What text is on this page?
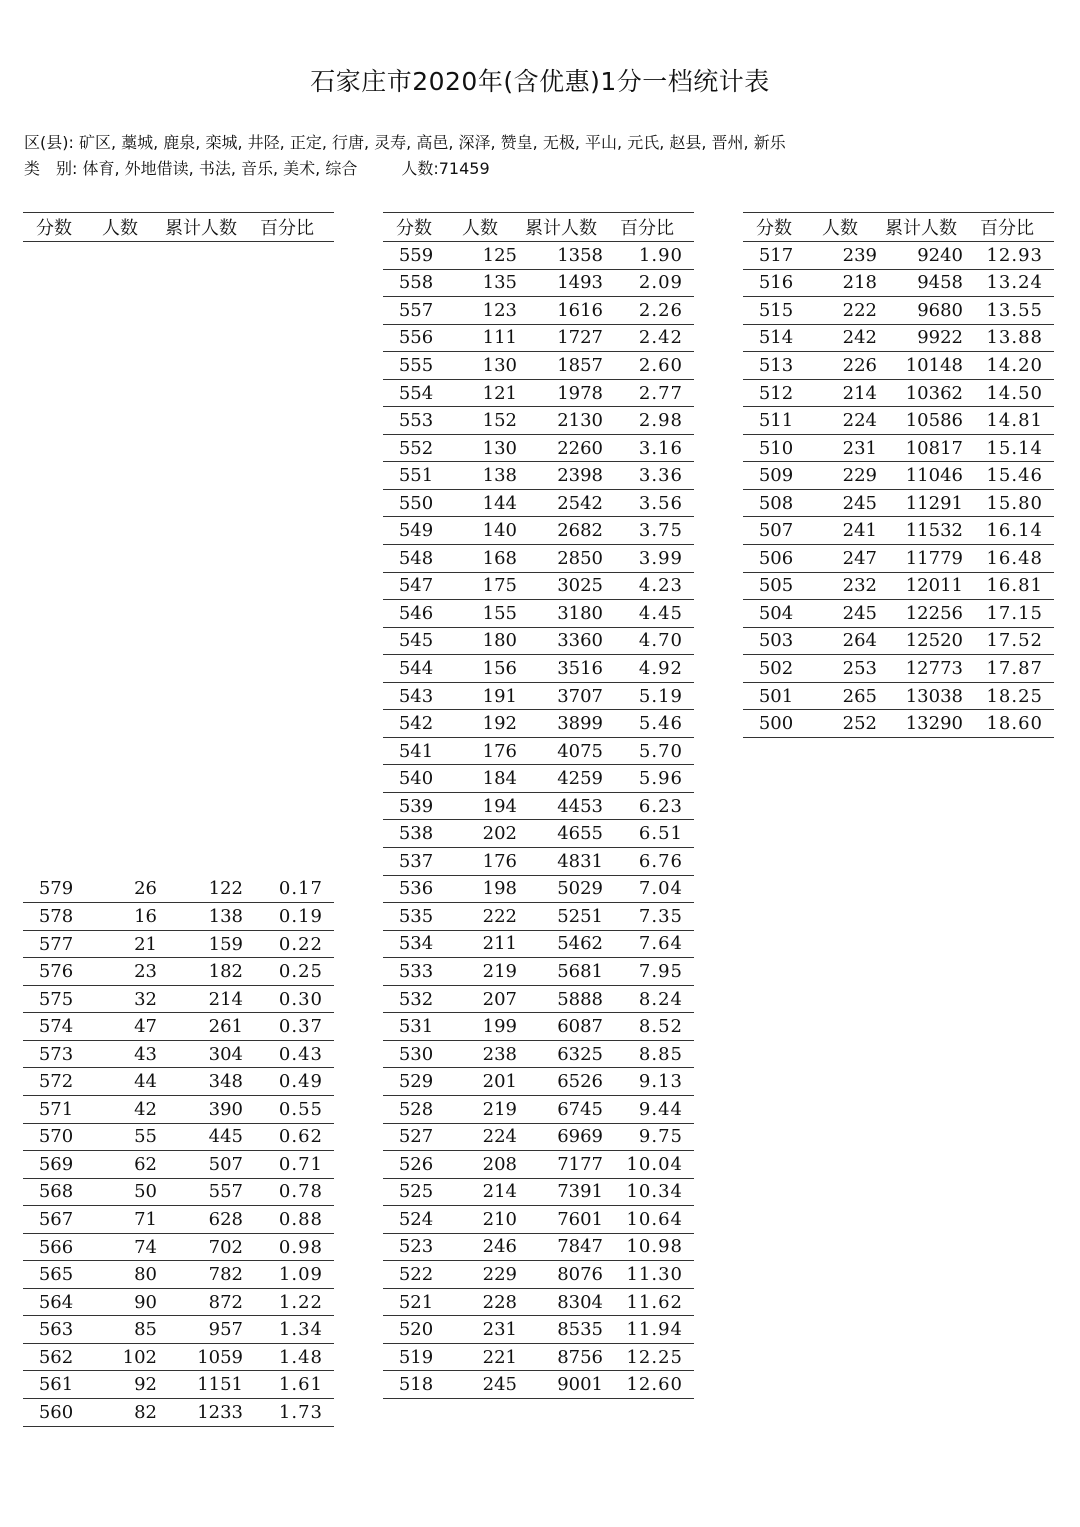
石家庄市2020年(含优惠)1分一档统计表
区(县): 矿区, 藁城, 鹿泉, 栾城, 井陉, 正定, 行唐, 灵寿, 高邑, 深泽, 赞皇, 无极, 平山, 元氏, 赵县, 晋州, 新乐
类　别: 体育, 外地借读, 书法, 音乐, 美术, 综合	人数:71459
分数	人数	累计人数	百分比
579	26	122	0.17
578	16	138	0.19
577	21	159	0.22
576	23	182	0.25
575	32	214	0.30
574	47	261	0.37
573	43	304	0.43
572	44	348	0.49
571	42	390	0.55
570	55	445	0.62
569	62	507	0.71
568	50	557	0.78
567	71	628	0.88
566	74	702	0.98
565	80	782	1.09
564	90	872	1.22
563	85	957	1.34
562	102	1059	1.48
561	92	1151	1.61
560	82	1233	1.73
分数	人数	累计人数	百分比
559	125	1358	1.90
558	135	1493	2.09
557	123	1616	2.26
556	111	1727	2.42
555	130	1857	2.60
554	121	1978	2.77
553	152	2130	2.98
552	130	2260	3.16
551	138	2398	3.36
550	144	2542	3.56
549	140	2682	3.75
548	168	2850	3.99
547	175	3025	4.23
546	155	3180	4.45
545	180	3360	4.70
544	156	3516	4.92
543	191	3707	5.19
542	192	3899	5.46
541	176	4075	5.70
540	184	4259	5.96
539	194	4453	6.23
538	202	4655	6.51
537	176	4831	6.76
536	198	5029	7.04
535	222	5251	7.35
534	211	5462	7.64
533	219	5681	7.95
532	207	5888	8.24
531	199	6087	8.52
530	238	6325	8.85
529	201	6526	9.13
528	219	6745	9.44
527	224	6969	9.75
526	208	7177	10.04
525	214	7391	10.34
524	210	7601	10.64
523	246	7847	10.98
522	229	8076	11.30
521	228	8304	11.62
520	231	8535	11.94
519	221	8756	12.25
518	245	9001	12.60
分数	人数	累计人数	百分比
517	239	9240	12.93
516	218	9458	13.24
515	222	9680	13.55
514	242	9922	13.88
513	226	10148	14.20
512	214	10362	14.50
511	224	10586	14.81
510	231	10817	15.14
509	229	11046	15.46
508	245	11291	15.80
507	241	11532	16.14
506	247	11779	16.48
505	232	12011	16.81
504	245	12256	17.15
503	264	12520	17.52
502	253	12773	17.87
501	265	13038	18.25
500	252	13290	18.60
